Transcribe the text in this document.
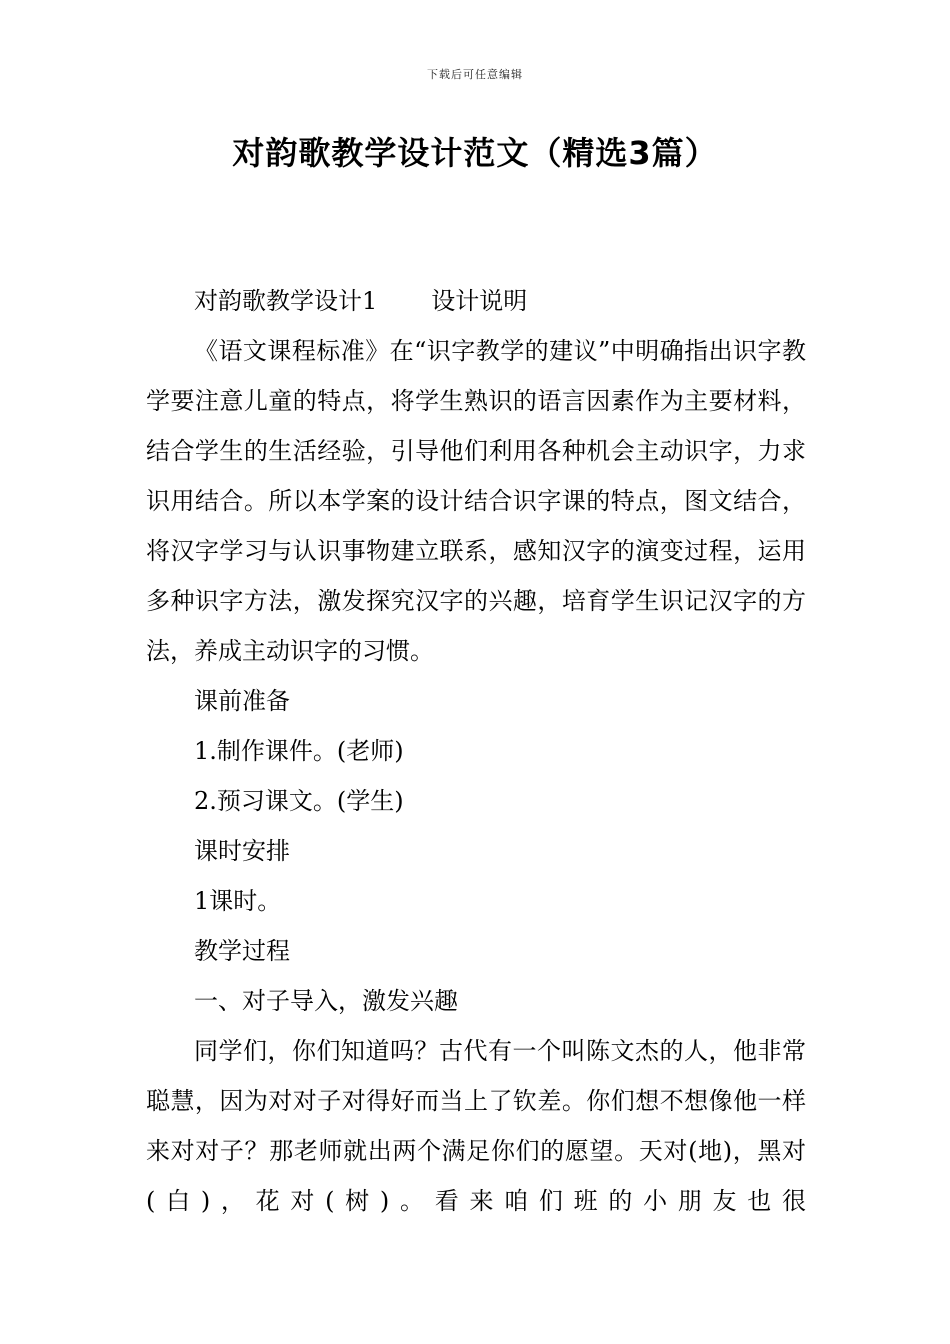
下载后可任意编辑
对韵歌教学设计范文（精选3篇）

对韵歌教学设计1 设计说明

《语文课程标准》在“识字教学的建议”中明确指出识字教学要注意儿童的特点，将学生熟识的语言因素作为主要材料，结合学生的生活经验，引导他们利用各种机会主动识字，力求识用结合。所以本学案的设计结合识字课的特点，图文结合，将汉字学习与认识事物建立联系，感知汉字的演变过程，运用多种识字方法，激发探究汉字的兴趣，培育学生识记汉字的方法，养成主动识字的习惯。

课前准备

1.制作课件。(老师)

2.预习课文。(学生)

课时安排

1课时。

教学过程

一、对子导入，激发兴趣

同学们，你们知道吗？古代有一个叫陈文杰的人，他非常聪慧，因为对对子对得好而当上了钦差。你们想不想像他一样来对对子？那老师就出两个满足你们的愿望。天对(地)，黑对(白)，花对(树)。看来咱们班的小朋友也很
